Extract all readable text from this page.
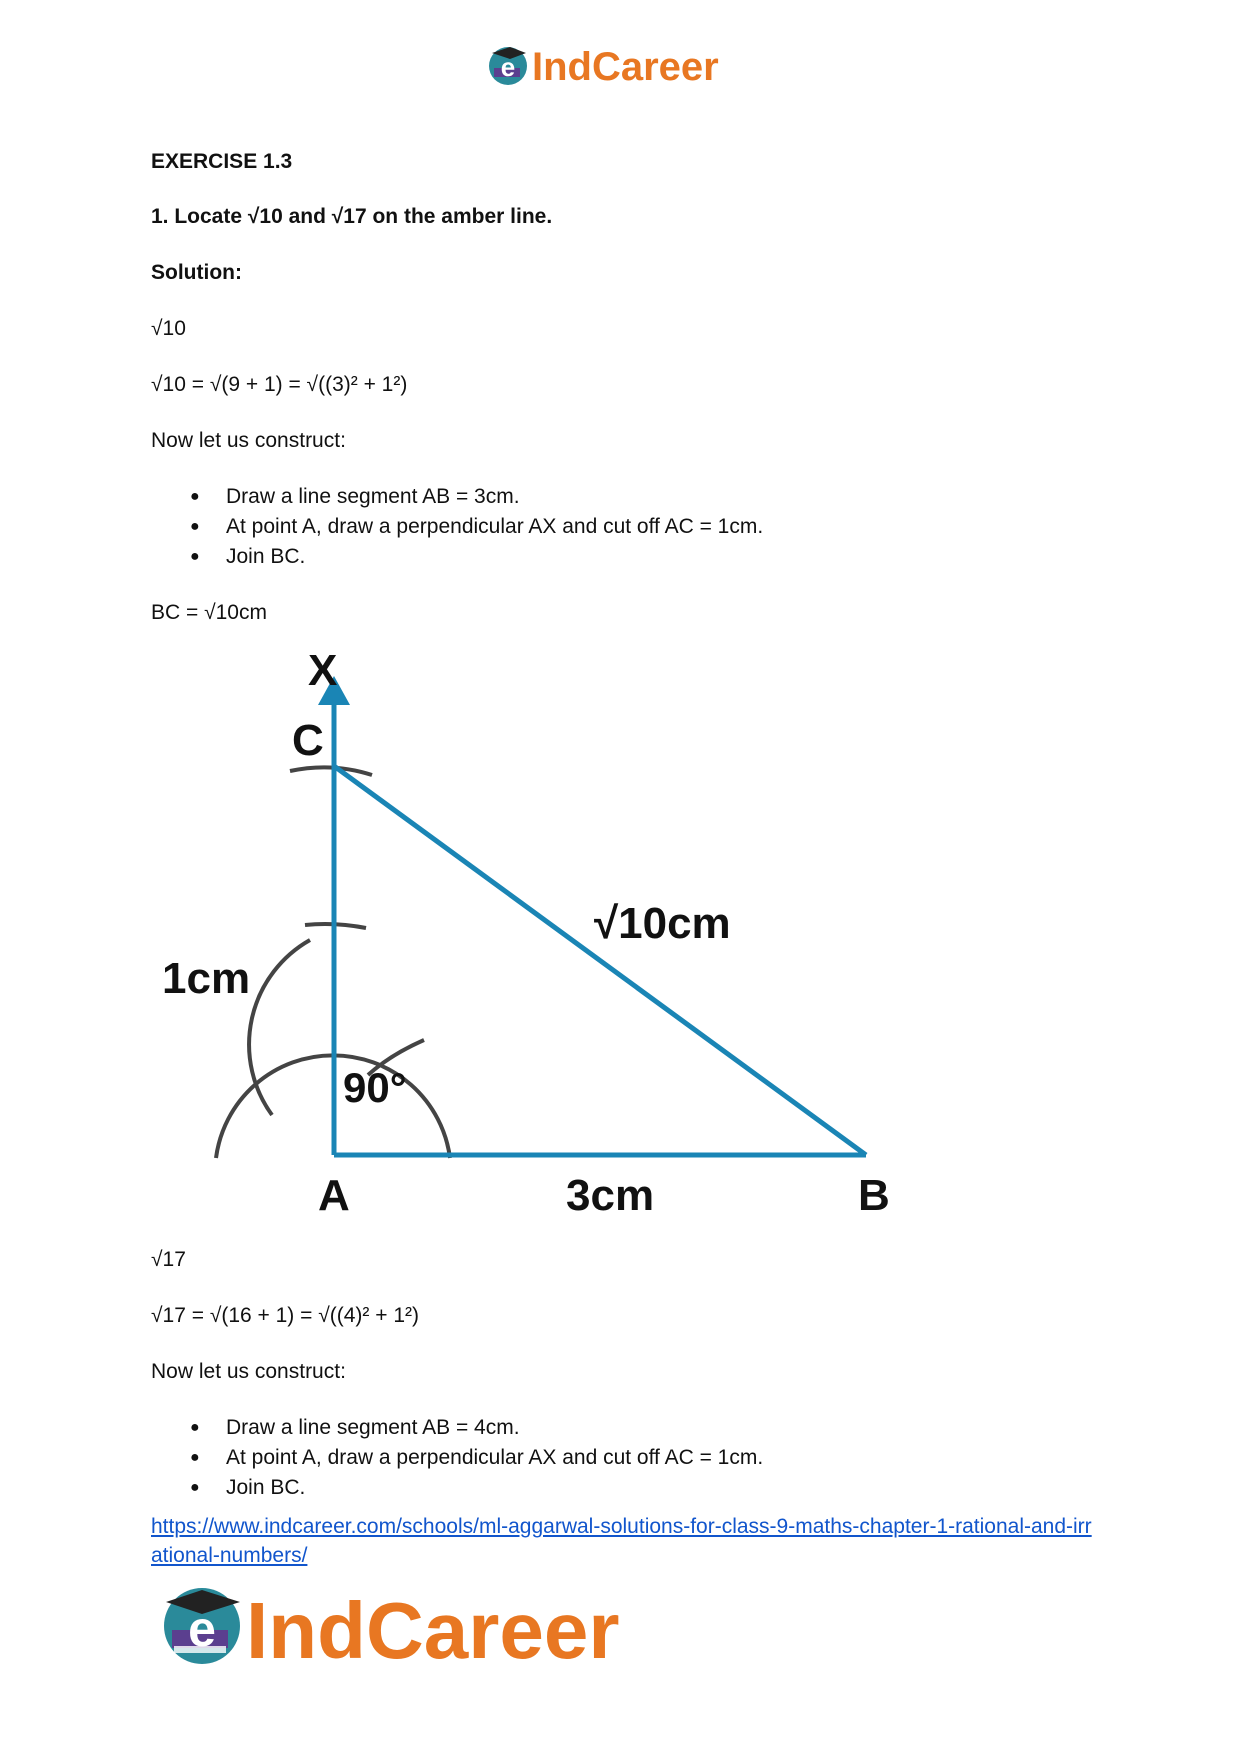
e IndCareer
EXERCISE 1.3
1. Locate √10 and √17 on the amber line.
Solution:
√10
√10 = √(9 + 1) = √((3)² + 1²)
Now let us construct:
● Draw a line segment AB = 3cm.
● At point A, draw a perpendicular AX and cut off AC = 1cm.
● Join BC.
BC = √10cm
X
C
1cm
√10cm
90°
A	3cm	B
√17
√17 = √(16 + 1) = √((4)² + 1²)
Now let us construct:
● Draw a line segment AB = 4cm.
● At point A, draw a perpendicular AX and cut off AC = 1cm.
● Join BC.
https://www.indcareer.com/schools/ml-aggarwal-solutions-for-class-9-maths-chapter-1-rational-and-irrational-numbers/
e IndCareer
